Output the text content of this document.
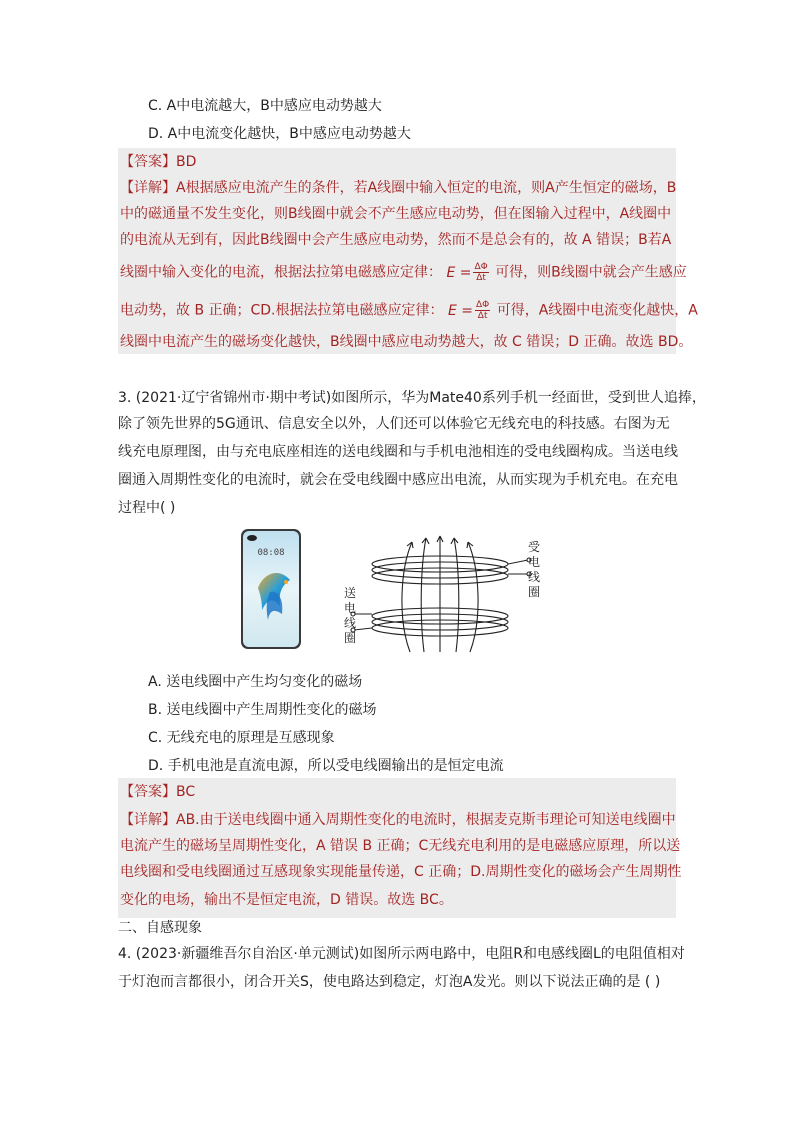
C. A中电流越大，B中感应电动势越大
D. A中电流变化越快，B中感应电动势越大
【答案】BD
【详解】A根据感应电流产生的条件，若A线圈中输入恒定的电流，则A产生恒定的磁场，B
中的磁通量不发生变化，则B线圈中就会不产生感应电动势，但在图输入过程中，A线圈中
的电流从无到有，因此B线圈中会产生感应电动势，然而不是总会有的，故 A 错误；B若A
线圈中输入变化的电流，根据法拉第电磁感应定律： $E = \frac{\Delta\Phi}{\Delta t}$ 可得，则B线圈中就会产生感应
电动势，故 B 正确；CD.根据法拉第电磁感应定律： $E = \frac{\Delta\Phi}{\Delta t}$ 可得，A线圈中电流变化越快，A
线圈中电流产生的磁场变化越快，B线圈中感应电动势越大，故 C 错误；D 正确。故选 BD。
3. (2021·辽宁省锦州市·期中考试)如图所示，华为Mate40系列手机一经面世，受到世人追捧，
除了领先世界的5G通讯、信息安全以外，人们还可以体验它无线充电的科技感。右图为无
线充电原理图，由与充电底座相连的送电线圈和与手机电池相连的受电线圈构成。当送电线
圈通入周期性变化的电流时，就会在受电线圈中感应出电流，从而实现为手机充电。在充电
过程中( )
08:08	受
电
线
圈
送
电
线
圈
A. 送电线圈中产生均匀变化的磁场
B. 送电线圈中产生周期性变化的磁场
C. 无线充电的原理是互感现象
D. 手机电池是直流电源，所以受电线圈输出的是恒定电流
【答案】BC
【详解】AB.由于送电线圈中通入周期性变化的电流时，根据麦克斯韦理论可知送电线圈中
电流产生的磁场呈周期性变化，A 错误 B 正确；C无线充电利用的是电磁感应原理，所以送
电线圈和受电线圈通过互感现象实现能量传递，C 正确；D.周期性变化的磁场会产生周期性
变化的电场，输出不是恒定电流，D 错误。故选 BC。
二、自感现象
4. (2023·新疆维吾尔自治区·单元测试)如图所示两电路中，电阻R和电感线圈L的电阻值相对
于灯泡而言都很小，闭合开关S，使电路达到稳定，灯泡A发光。则以下说法正确的是 ( )
